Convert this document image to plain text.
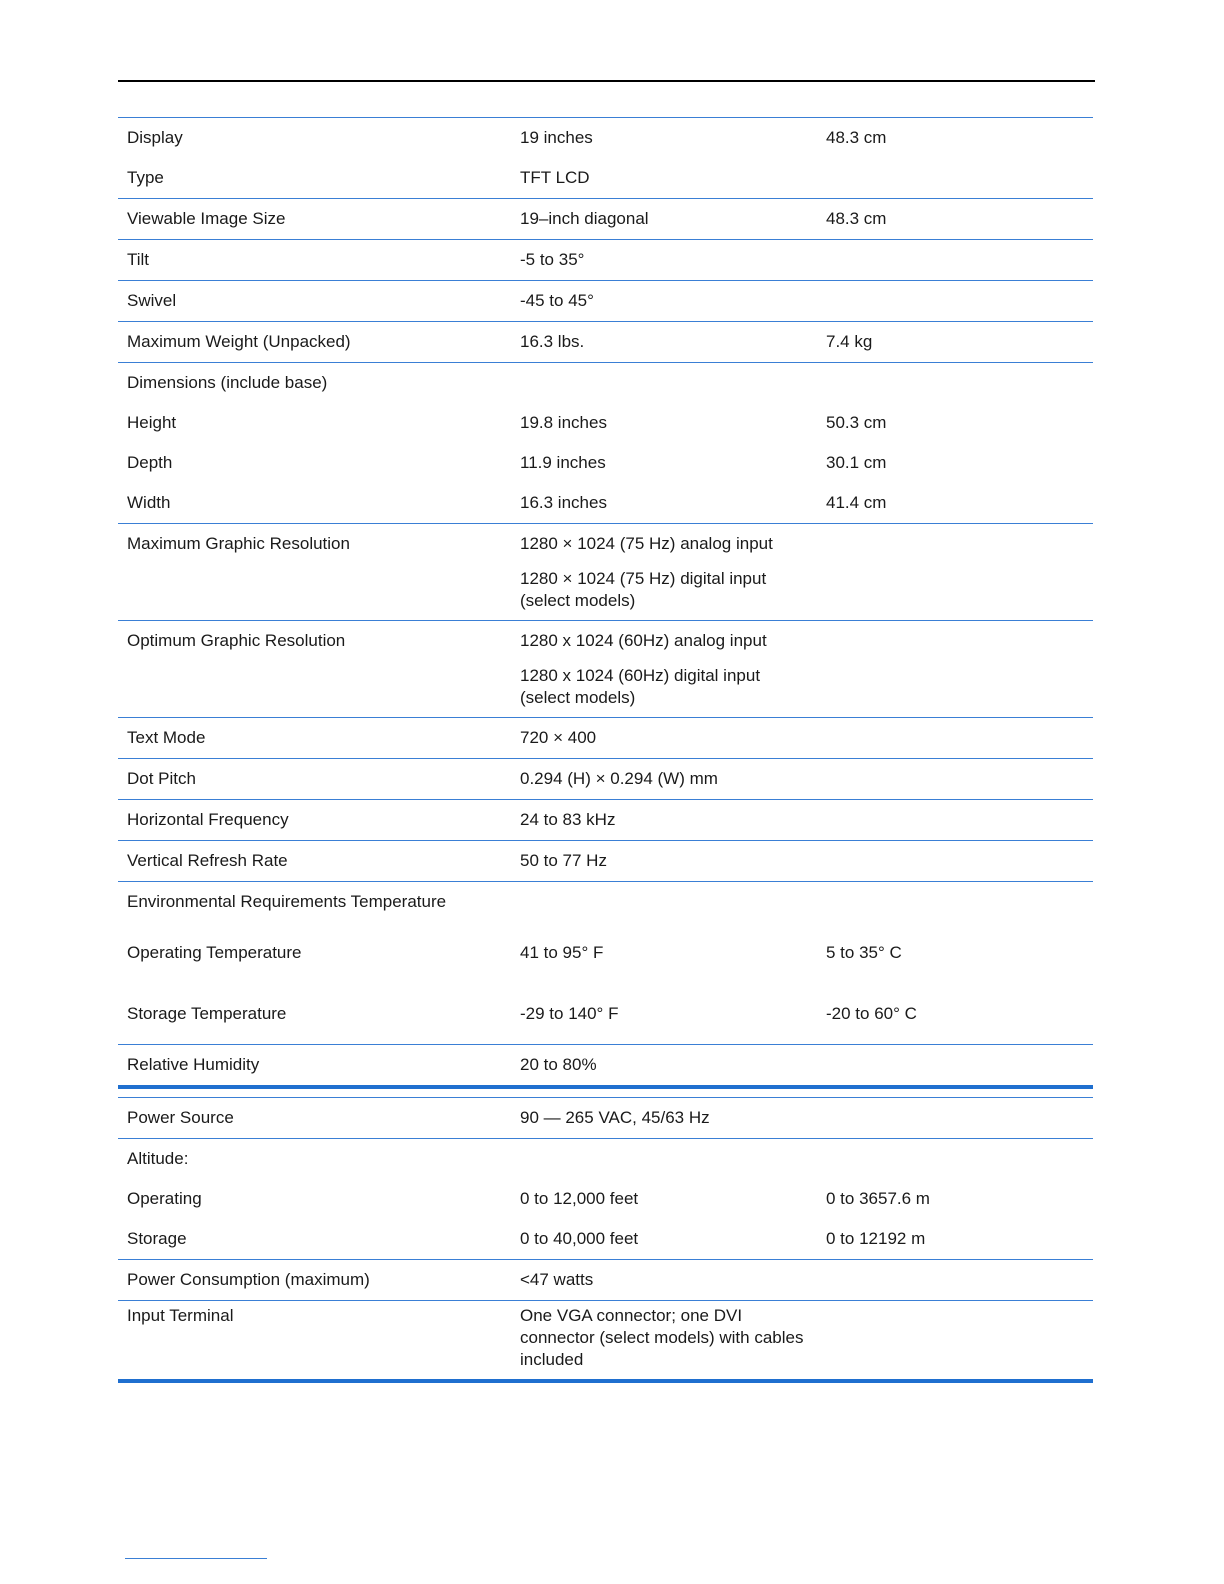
Display	19 inches	48.3 cm
Type	TFT LCD
Viewable Image Size	19–inch diagonal	48.3 cm
Tilt	-5 to 35°
Swivel	-45 to 45°
Maximum Weight (Unpacked)	16.3 lbs.	7.4 kg
Dimensions (include base)
Height	19.8 inches	50.3 cm
Depth	11.9 inches	30.1 cm
Width	16.3 inches	41.4 cm
Maximum Graphic Resolution	1280 × 1024 (75 Hz) analog input
1280 × 1024 (75 Hz) digital input
(select models)
Optimum Graphic Resolution	1280 x 1024 (60Hz) analog input
1280 x 1024 (60Hz) digital input
(select models)
Text Mode	720 × 400
Dot Pitch	0.294 (H) × 0.294 (W) mm
Horizontal Frequency	24 to 83 kHz
Vertical Refresh Rate	50 to 77 Hz
Environmental Requirements Temperature
Operating Temperature	41 to 95° F	5 to 35° C
Storage Temperature	-29 to 140° F	-20 to 60° C
Relative Humidity	20 to 80%
Power Source	90 — 265 VAC, 45/63 Hz
Altitude:
Operating	0 to 12,000 feet	0 to 3657.6 m
Storage	0 to 40,000 feet	0 to 12192 m
Power Consumption (maximum)	<47 watts
Input Terminal	One VGA connector; one DVI
connector (select models) with cables
included
